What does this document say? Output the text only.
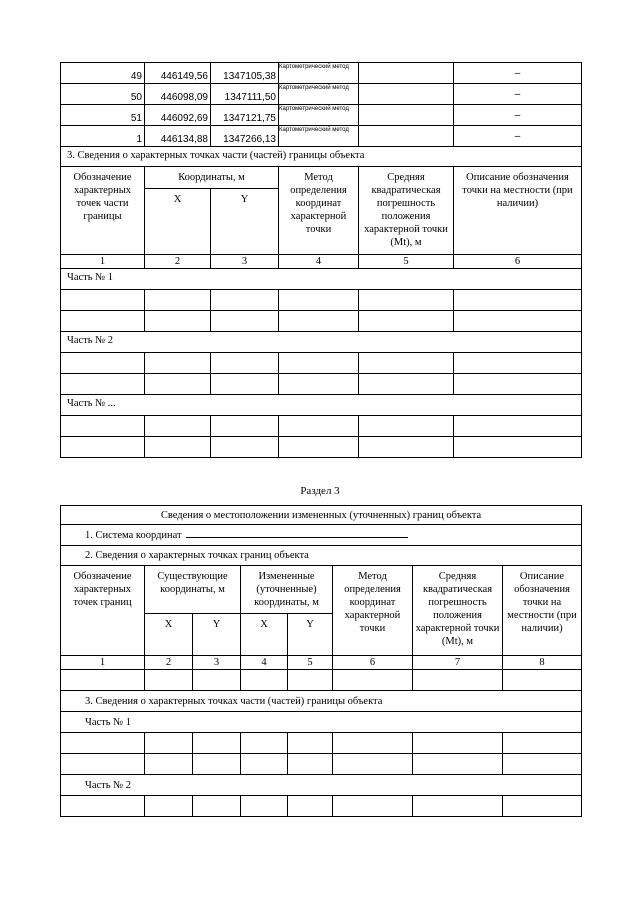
49	446149,56	1347105,38	Картометрический метод		–
50	446098,09	1347111,50	Картометрический метод		–
51	446092,69	1347121,75	Картометрический метод		–
1	446134,88	1347266,13	Картометрический метод		–
3. Сведения о характерных точках части (частей) границы объекта					
Обозначение характерных точек части границы	Координаты, м		Метод определения координат характерной точки	Средняя квадратическая погрешность положения характерной точки (Mt), м	Описание обозначения точки на местности (при наличии)
	X	Y			
1	2	3	4	5	6
Часть № 1					

Часть № 2					

Часть № ...					

Раздел 3
Сведения о местоположении измененных (уточненных) границ объекта							
1. Система координат							
2. Сведения о характерных точках границ объекта							
Обозначение характерных точек границ	Существующие координаты, м		Измененные (уточненные) координаты, м		Метод определения координат характерной точки	Средняя квадратическая погрешность положения характерной точки (Mt), м	Описание обозначения точки на местности (при наличии)
	X	Y	X	Y			
1	2	3	4	5	6	7	8

3. Сведения о характерных точках части (частей) границы объекта							
Часть № 1							

Часть № 2							
